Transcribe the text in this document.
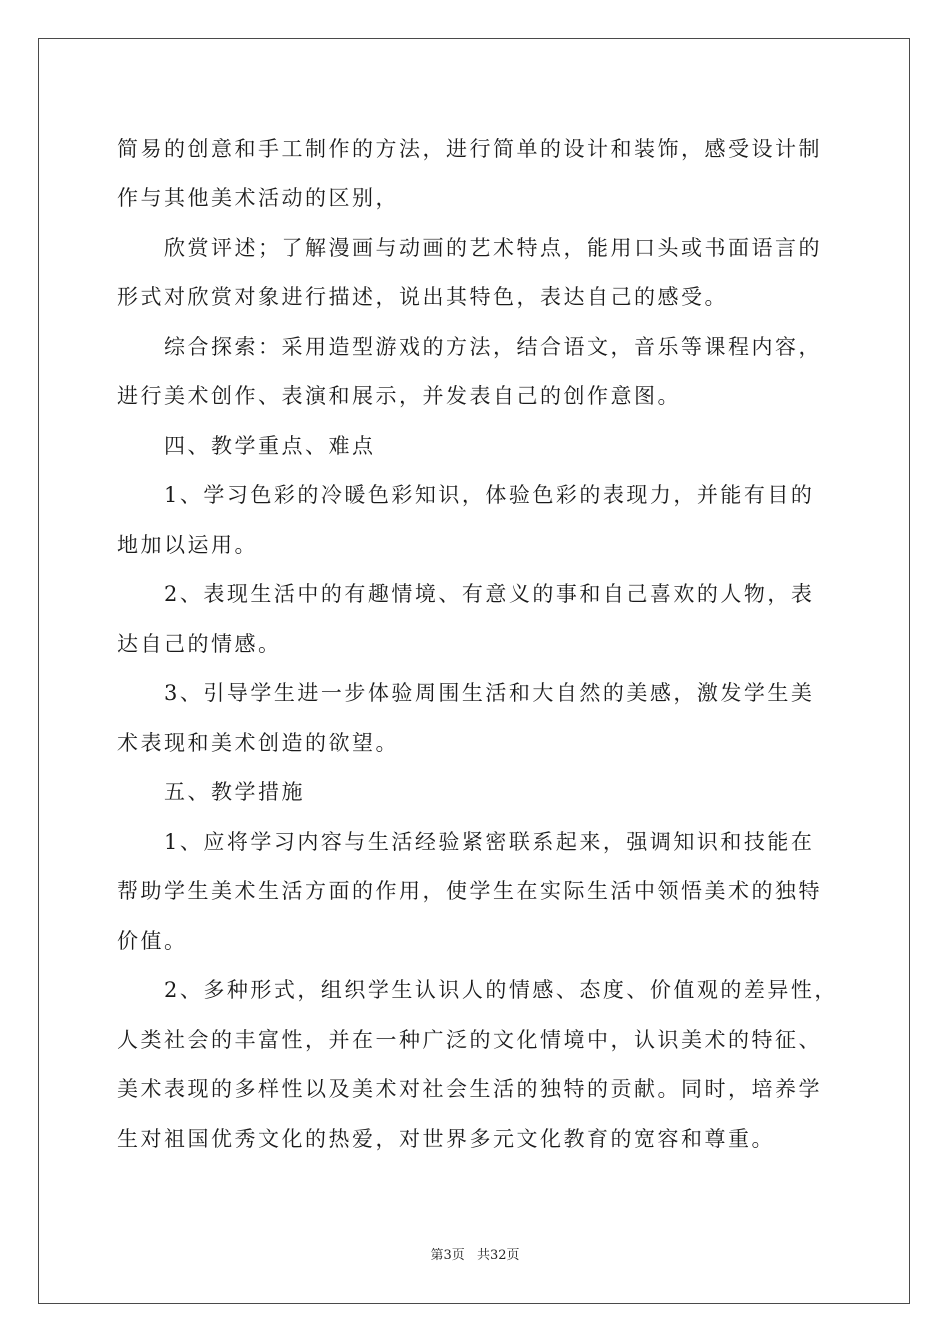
简易的创意和手工制作的方法，进行简单的设计和装饰，感受设计制
作与其他美术活动的区别，
欣赏评述；了解漫画与动画的艺术特点，能用口头或书面语言的
形式对欣赏对象进行描述，说出其特色，表达自己的感受。
综合探索：采用造型游戏的方法，结合语文，音乐等课程内容，
进行美术创作、表演和展示，并发表自己的创作意图。
四、教学重点、难点
1、学习色彩的冷暖色彩知识，体验色彩的表现力，并能有目的
地加以运用。
2、表现生活中的有趣情境、有意义的事和自己喜欢的人物，表
达自己的情感。
3、引导学生进一步体验周围生活和大自然的美感，激发学生美
术表现和美术创造的欲望。
五、教学措施
1、应将学习内容与生活经验紧密联系起来，强调知识和技能在
帮助学生美术生活方面的作用，使学生在实际生活中领悟美术的独特
价值。
2、多种形式，组织学生认识人的情感、态度、价值观的差异性，
人类社会的丰富性，并在一种广泛的文化情境中，认识美术的特征、
美术表现的多样性以及美术对社会生活的独特的贡献。同时，培养学
生对祖国优秀文化的热爱，对世界多元文化教育的宽容和尊重。
第3页 共32页
